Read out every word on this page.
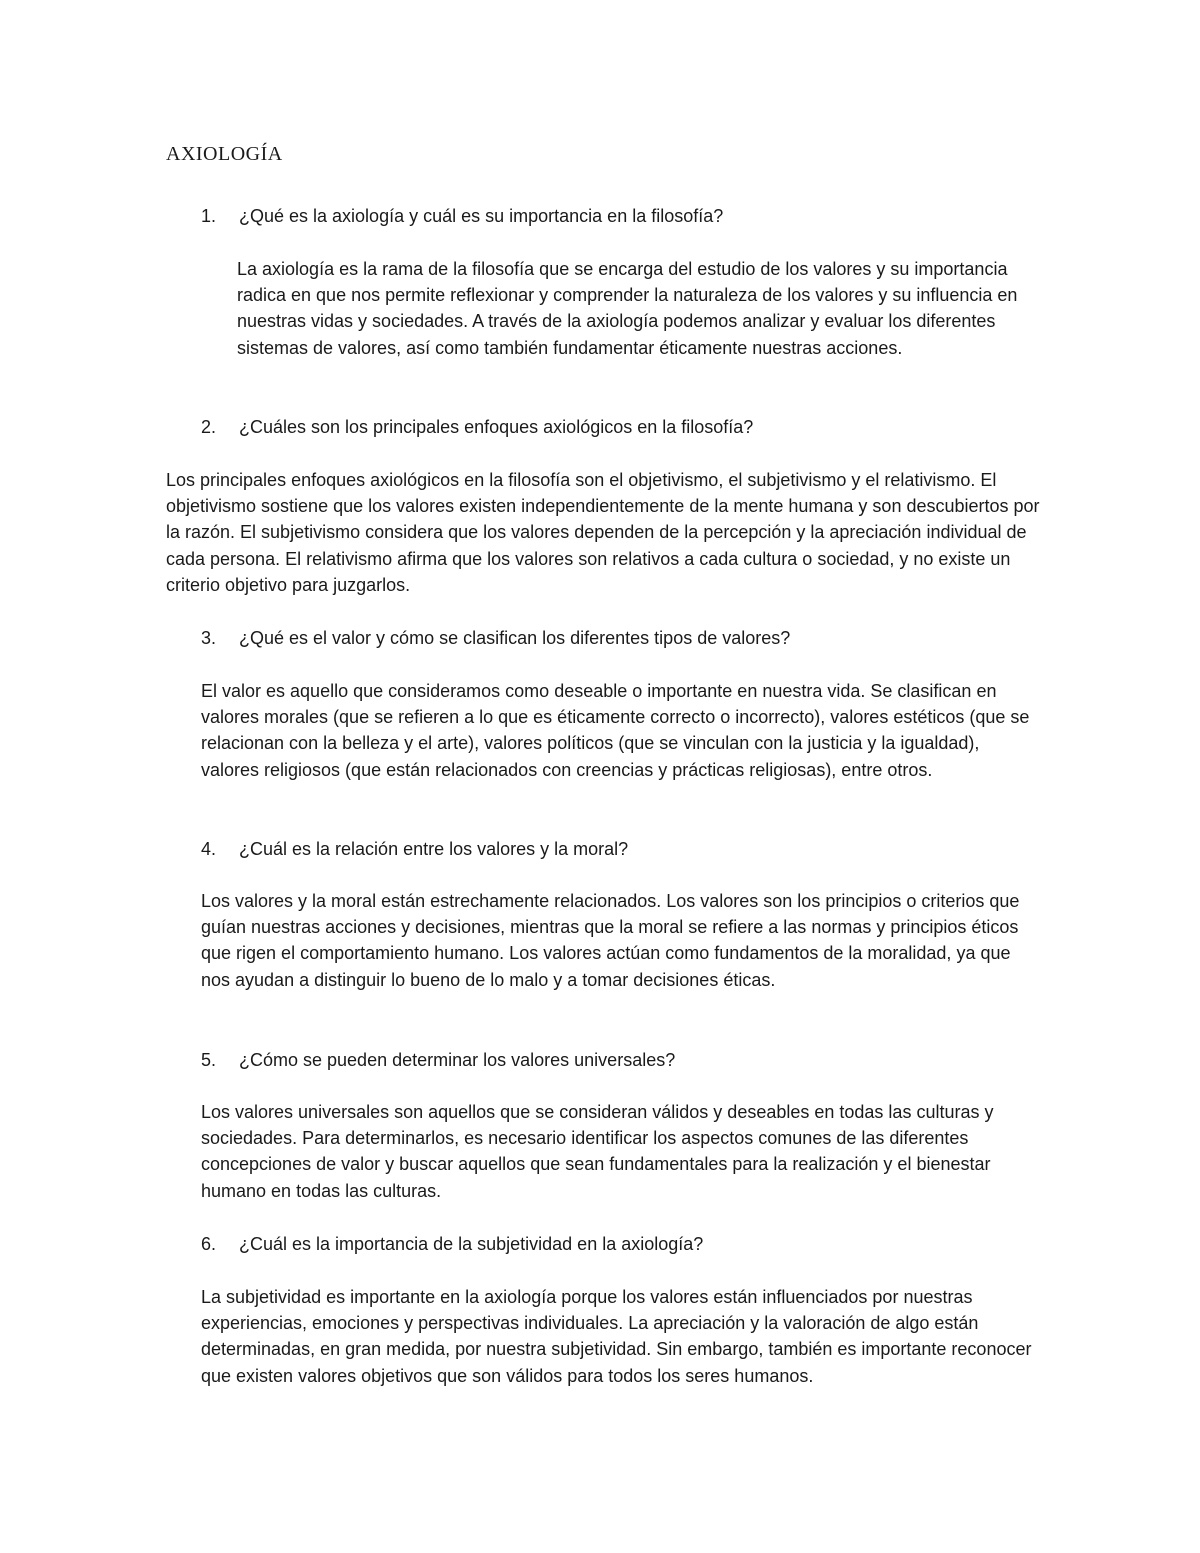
AXIOLOGÍA
1. ¿Qué es la axiología y cuál es su importancia en la filosofía?

La axiología es la rama de la filosofía que se encarga del estudio de los valores y su importancia radica en que nos permite reflexionar y comprender la naturaleza de los valores y su influencia en nuestras vidas y sociedades. A través de la axiología podemos analizar y evaluar los diferentes sistemas de valores, así como también fundamentar éticamente nuestras acciones.

2. ¿Cuáles son los principales enfoques axiológicos en la filosofía?

Los principales enfoques axiológicos en la filosofía son el objetivismo, el subjetivismo y el relativismo. El objetivismo sostiene que los valores existen independientemente de la mente humana y son descubiertos por la razón. El subjetivismo considera que los valores dependen de la percepción y la apreciación individual de cada persona. El relativismo afirma que los valores son relativos a cada cultura o sociedad, y no existe un criterio objetivo para juzgarlos.

3. ¿Qué es el valor y cómo se clasifican los diferentes tipos de valores?

El valor es aquello que consideramos como deseable o importante en nuestra vida. Se clasifican en valores morales (que se refieren a lo que es éticamente correcto o incorrecto), valores estéticos (que se relacionan con la belleza y el arte), valores políticos (que se vinculan con la justicia y la igualdad), valores religiosos (que están relacionados con creencias y prácticas religiosas), entre otros.

4. ¿Cuál es la relación entre los valores y la moral?

Los valores y la moral están estrechamente relacionados. Los valores son los principios o criterios que guían nuestras acciones y decisiones, mientras que la moral se refiere a las normas y principios éticos que rigen el comportamiento humano. Los valores actúan como fundamentos de la moralidad, ya que nos ayudan a distinguir lo bueno de lo malo y a tomar decisiones éticas.

5. ¿Cómo se pueden determinar los valores universales?

Los valores universales son aquellos que se consideran válidos y deseables en todas las culturas y sociedades. Para determinarlos, es necesario identificar los aspectos comunes de las diferentes concepciones de valor y buscar aquellos que sean fundamentales para la realización y el bienestar humano en todas las culturas.

6. ¿Cuál es la importancia de la subjetividad en la axiología?

La subjetividad es importante en la axiología porque los valores están influenciados por nuestras experiencias, emociones y perspectivas individuales. La apreciación y la valoración de algo están determinadas, en gran medida, por nuestra subjetividad. Sin embargo, también es importante reconocer que existen valores objetivos que son válidos para todos los seres humanos.
